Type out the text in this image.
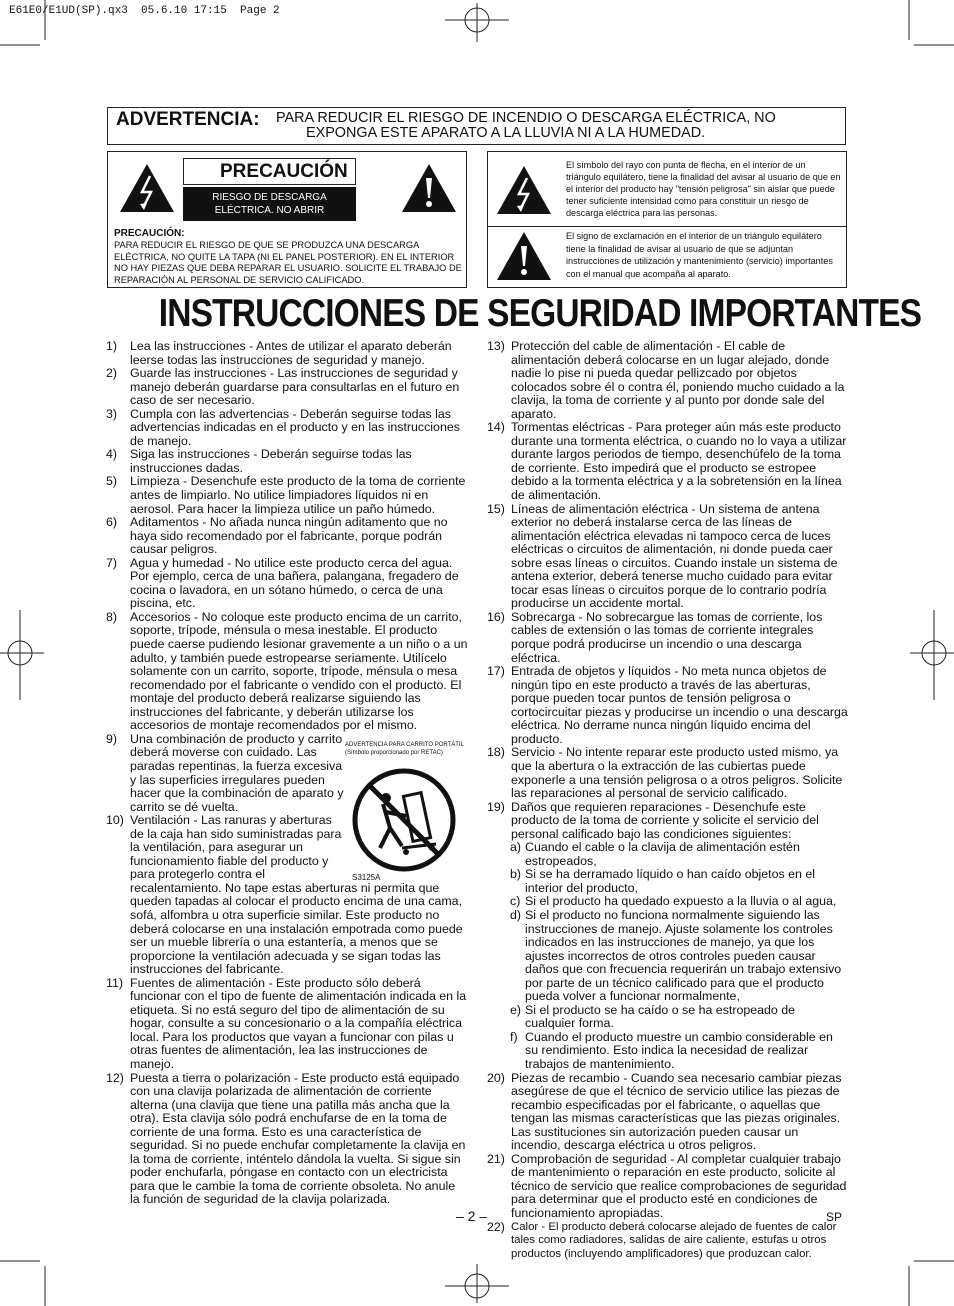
E61E0/E1UD(SP).qx3  05.6.10 17:15  Page 2
ADVERTENCIA: PARA REDUCIR EL RIESGO DE INCENDIO O DESCARGA ELÉCTRICA, NO
EXPONGA ESTE APARATO A LA LLUVIA NI A LA HUMEDAD.
PRECAUCIÓN
RIESGO DE DESCARGA
ELÉCTRICA. NO ABRIR
PRECAUCIÓN:
PARA REDUCIR EL RIESGO DE QUE SE PRODUZCA UNA DESCARGA ELÉCTRICA, NO QUITE LA TAPA (NI EL PANEL POSTERIOR). EN EL INTERIOR NO HAY PIEZAS QUE DEBA REPARAR EL USUARIO. SOLICITE EL TRABAJO DE REPARACIÓN AL PERSONAL DE SERVICIO CALIFICADO.
El símbolo del rayo con punta de flecha, en el interior de un triángulo equilátero, tiene la finalidad del avisar al usuario de que en el interior del producto hay "tensión peligrosa" sin aislar que puede tener suficiente intensidad como para constituir un riesgo de descarga eléctrica para las personas.
El signo de exclamación en el interior de un triángulo equilátero tiene la finalidad de avisar al usuario de que se adjuntan instrucciones de utilización y mantenimiento (servicio) importantes con el manual que acompaña al aparato.
INSTRUCCIONES DE SEGURIDAD IMPORTANTES
1) Lea las instrucciones - Antes de utilizar el aparato deberán leerse todas las instrucciones de seguridad y manejo.
2) Guarde las instrucciones - Las instrucciones de seguridad y manejo deberán guardarse para consultarlas en el futuro en caso de ser necesario.
3) Cumpla con las advertencias - Deberán seguirse todas las advertencias indicadas en el producto y en las instrucciones de manejo.
4) Siga las instrucciones - Deberán seguirse todas las instrucciones dadas.
5) Limpieza - Desenchufe este producto de la toma de corriente antes de limpiarlo. No utilice limpiadores líquidos ni en aerosol. Para hacer la limpieza utilice un paño húmedo.
6) Aditamentos - No añada nunca ningún aditamento que no haya sido recomendado por el fabricante, porque podrán causar peligros.
7) Agua y humedad - No utilice este producto cerca del agua. Por ejemplo, cerca de una bañera, palangana, fregadero de cocina o lavadora, en un sótano húmedo, o cerca de una piscina, etc.
8) Accesorios - No coloque este producto encima de un carrito, soporte, trípode, ménsula o mesa inestable. El producto puede caerse pudiendo lesionar gravemente a un niño o a un adulto, y también puede estropearse seriamente. Utilícelo solamente con un carrito, soporte, trípode, ménsula o mesa recomendado por el fabricante o vendido con el producto. El montaje del producto deberá realizarse siguiendo las instrucciones del fabricante, y deberán utilizarse los accesorios de montaje recomendados por el mismo.
9) Una combinación de producto y carrito deberá moverse con cuidado. Las paradas repentinas, la fuerza excesiva y las superficies irregulares pueden hacer que la combinación de aparato y carrito se dé vuelta.
10) Ventilación - Las ranuras y aberturas de la caja han sido suministradas para la ventilación, para asegurar un funcionamiento fiable del producto y para protegerlo contra el
recalentamiento. No tape estas aberturas ni permita que queden tapadas al colocar el producto encima de una cama, sofá, alfombra u otra superficie similar. Este producto no deberá colocarse en una instalación empotrada como puede ser un mueble librería o una estantería, a menos que se proporcione la ventilación adecuada y se sigan todas las instrucciones del fabricante.
11) Fuentes de alimentación - Este producto sólo deberá funcionar con el tipo de fuente de alimentación indicada en la etiqueta. Si no está seguro del tipo de alimentación de su hogar, consulte a su concesionario o a la compañía eléctrica local. Para los productos que vayan a funcionar con pilas u otras fuentes de alimentación, lea las instrucciones de manejo.
12) Puesta a tierra o polarización - Este producto está equipado con una clavija polarizada de alimentación de corriente alterna (una clavija que tiene una patilla más ancha que la otra). Esta clavija sólo podrá enchufarse de en la toma de corriente de una forma. Esto es una característica de seguridad. Si no puede enchufar completamente la clavija en la toma de corriente, inténtelo dándola la vuelta. Si sigue sin poder enchufarla, póngase en contacto con un electricista para que le cambie la toma de corriente obsoleta. No anule la función de seguridad de la clavija polarizada.
ADVERTENCIA PARA CARRITO PORTÁTIL
(Símbolo proporcionado por RETAC)
S3125A
13) Protección del cable de alimentación - El cable de alimentación deberá colocarse en un lugar alejado, donde nadie lo pise ni pueda quedar pellizcado por objetos colocados sobre él o contra él, poniendo mucho cuidado a la clavija, la toma de corriente y al punto por donde sale del aparato.
14) Tormentas eléctricas - Para proteger aún más este producto durante una tormenta eléctrica, o cuando no lo vaya a utilizar durante largos periodos de tiempo, desenchúfelo de la toma de corriente. Esto impedirá que el producto se estropee debido a la tormenta eléctrica y a la sobretensión en la línea de alimentación.
15) Líneas de alimentación eléctrica - Un sistema de antena exterior no deberá instalarse cerca de las líneas de alimentación eléctrica elevadas ni tampoco cerca de luces eléctricas o circuitos de alimentación, ni donde pueda caer sobre esas líneas o circuitos. Cuando instale un sistema de antena exterior, deberá tenerse mucho cuidado para evitar tocar esas líneas o circuitos porque de lo contrario podría producirse un accidente mortal.
16) Sobrecarga - No sobrecargue las tomas de corriente, los cables de extensión o las tomas de corriente integrales porque podrá producirse un incendio o una descarga eléctrica.
17) Entrada de objetos y líquidos - No meta nunca objetos de ningún tipo en este producto a través de las aberturas, porque pueden tocar puntos de tensión peligrosa o cortocircuitar piezas y producirse un incendio o una descarga eléctrica. No derrame nunca ningún líquido encima del producto.
18) Servicio - No intente reparar este producto usted mismo, ya que la abertura o la extracción de las cubiertas puede exponerle a una tensión peligrosa o a otros peligros. Solicite las reparaciones al personal de servicio calificado.
19) Daños que requieren reparaciones - Desenchufe este producto de la toma de corriente y solicite el servicio del personal calificado bajo las condiciones siguientes:
a) Cuando el cable o la clavija de alimentación estén estropeados,
b) Si se ha derramado líquido o han caído objetos en el interior del producto,
c) Si el producto ha quedado expuesto a la lluvia o al agua,
d) Si el producto no funciona normalmente siguiendo las instrucciones de manejo. Ajuste solamente los controles indicados en las instrucciones de manejo, ya que los ajustes incorrectos de otros controles pueden causar daños que con frecuencia requerirán un trabajo extensivo por parte de un técnico calificado para que el producto pueda volver a funcionar normalmente,
e) Si el producto se ha caído o se ha estropeado de cualquier forma.
f) Cuando el producto muestre un cambio considerable en su rendimiento. Esto indica la necesidad de realizar trabajos de mantenimiento.
20) Piezas de recambio - Cuando sea necesario cambiar piezas asegúrese de que el técnico de servicio utilice las piezas de recambio especificadas por el fabricante, o aquellas que tengan las mismas características que las piezas originales. Las sustituciones sin autorización pueden causar un incendio, descarga eléctrica u otros peligros.
21) Comprobación de seguridad - Al completar cualquier trabajo de mantenimiento o reparación en este producto, solicite al técnico de servicio que realice comprobaciones de seguridad para determinar que el producto esté en condiciones de funcionamiento apropiadas.
22) Calor - El producto deberá colocarse alejado de fuentes de calor tales como radiadores, salidas de aire caliente, estufas u otros productos (incluyendo amplificadores) que produzcan calor.
– 2 –	SP
